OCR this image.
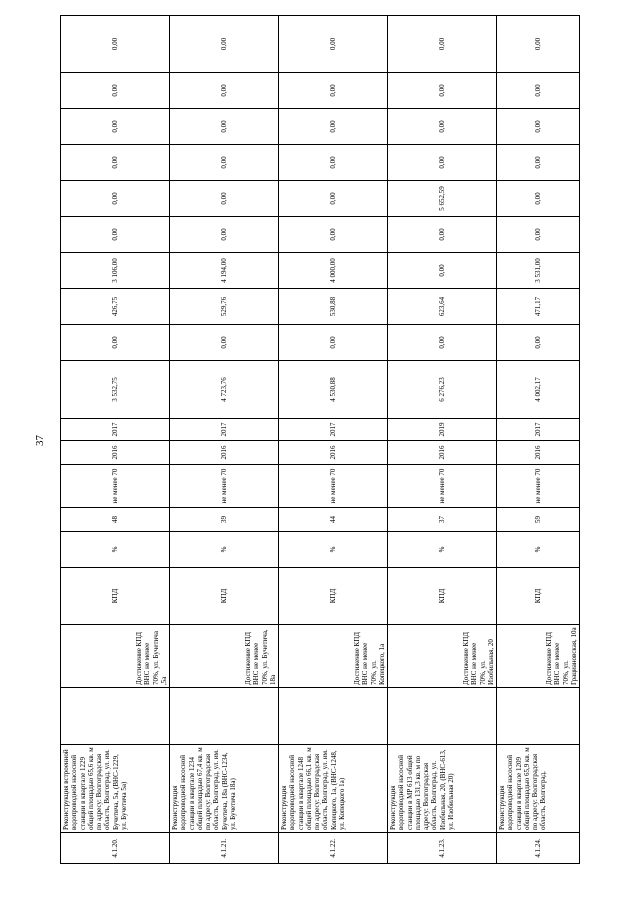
37
4.1.20.	Реконструкция встроенной водопроводной насосной станции в квартале 1229 общей площадью 65,6 кв. м по адресу: Волгоградская область, Волгоград, ул. им. Бучетича, 5а, (ВНС-1229, ул. Бучетича 5а)		Достижение КПД ВНС не менее 70%, ул. Бучетича ,5а	КПД	%	48	не менее 70	2016	2017	3 532,75	0,00	426,75	3 106,00	0,00	0,00	0,00	0,00	0,00	0,00
4.1.21.	Реконструкция водопроводной насосной станции в квартале 1234 общей площадью 67,4 кв. м по адресу: Волгоградская область, Волгоград, ул. им. Бучетича, 18а (ВНС-1234, ул. Бучетича 18а)		Достижение КПД ВНС не менее 70%, ул. Бучетича, 18а	КПД	%	39	не менее 70	2016	2017	4 723,76	0,00	529,76	4 194,00	0,00	0,00	0,00	0,00	0,00	0,00
4.1.22.	Реконструкция водопроводной насосной станции в квартале 1248 общей площадью 66,1 кв. м по адресу: Волгоградская область, Волгоград, ул. им. Копецкого, 1а, (ВНС-1248, ул. Копецкого 1а)		Достижение КПД ВНС не менее 70%, ул. Копецкого, 1а	КПД	%	44	не менее 70	2016	2017	4 530,88	0,00	530,88	4 000,00	0,00	0,00	0,00	0,00	0,00	0,00
4.1.23.	Реконструкция водопроводной насосной станции в МР 613 общей площадью 131,3 кв. м по адресу: Волгоградская область, Волгоград, ул. Изобильная, 20, (ВНС-613, ул. Изобильная 20)		Достижение КПД ВНС не менее 70%, ул. Изобильная, 20	КПД	%	37	не менее 70	2016	2019	6 276,23	0,00	623,64	0,00	0,00	5 652,59	0,00	0,00	0,00	0,00
4.1.24.	Реконструкция водопроводной насосной станции в квартале 1209 общей площадью 65,9 кв. м по адресу: Волгоградская область, Волгоград,		Достижение КПД ВНС не менее 70%, ул. Грациановская, 10а	КПД	%	59	не менее 70	2016	2017	4 002,17	0,00	471,17	3 531,00	0,00	0,00	0,00	0,00	0,00	0,00
